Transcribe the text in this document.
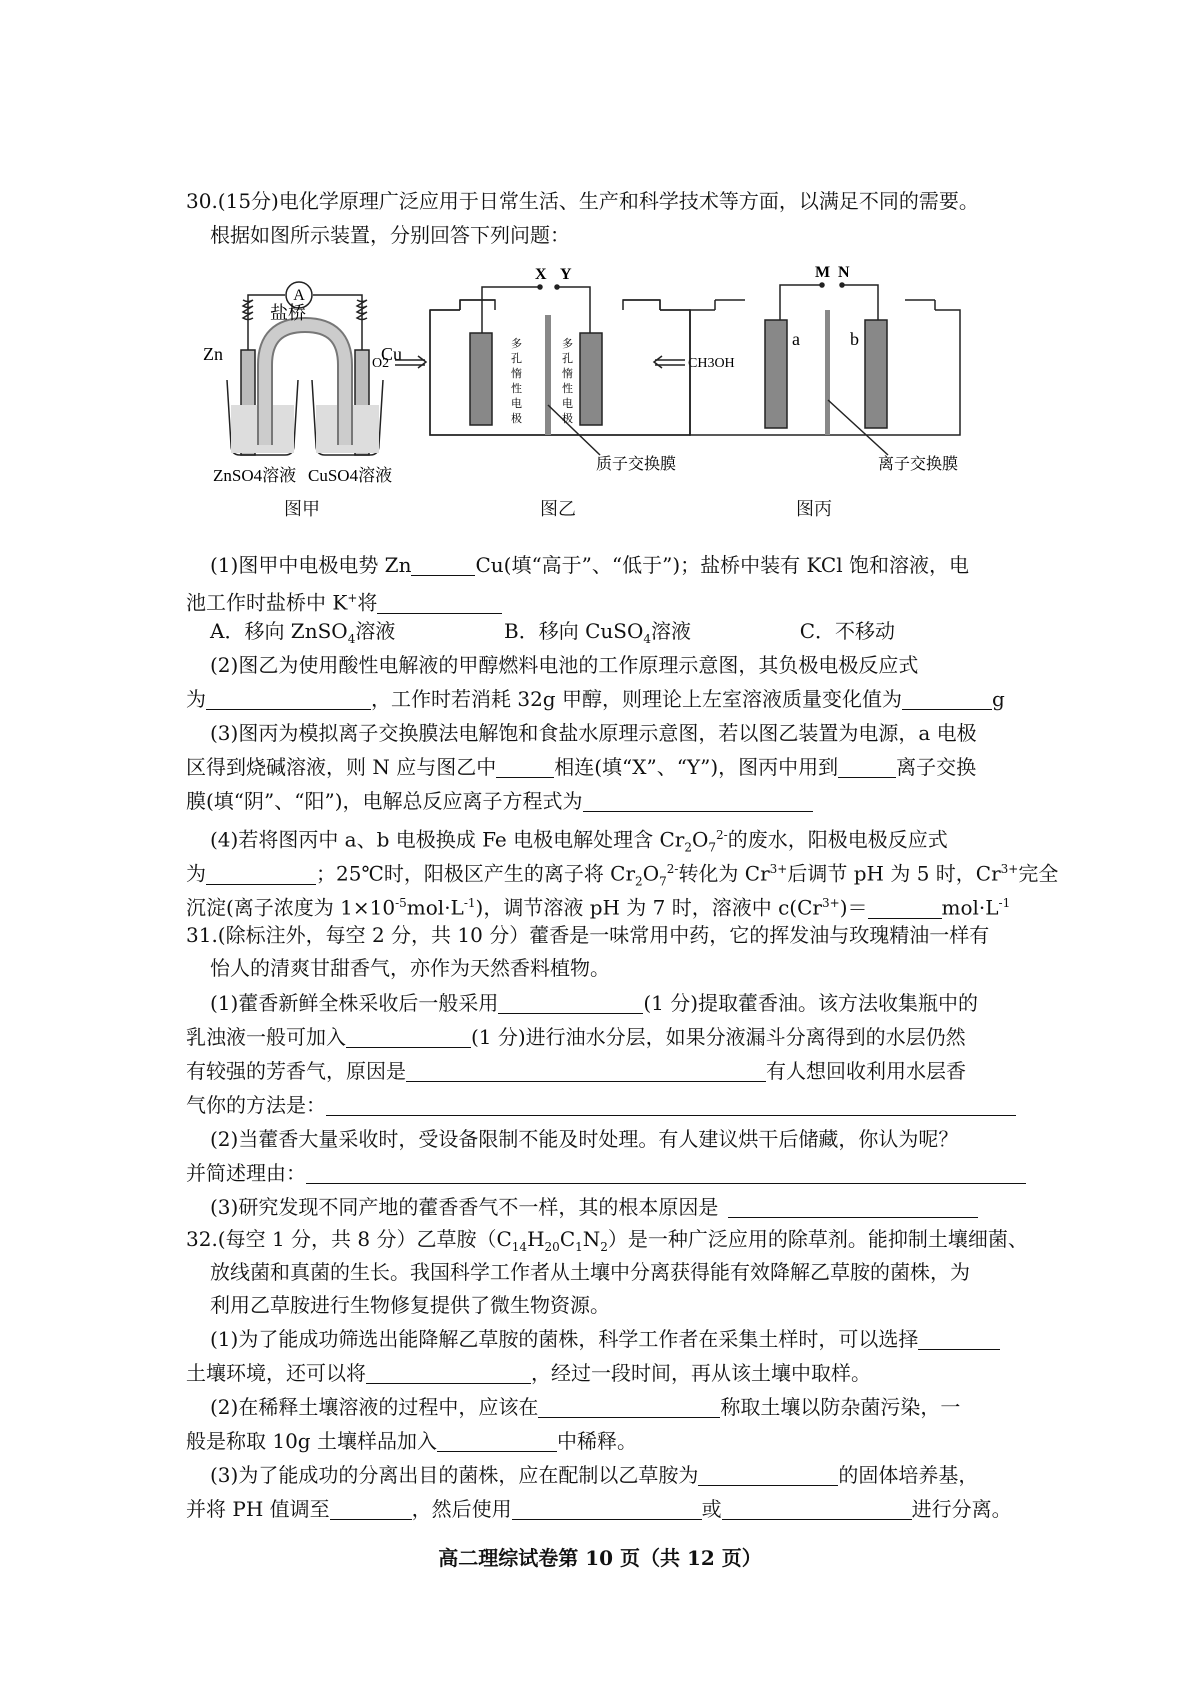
30.(15分)电化学原理广泛应用于日常生活、生产和科学技术等方面，以满足不同的需要。
根据如图所示装置，分别回答下列问题：
A
盐桥
Zn	Cu
ZnSO4溶液 CuSO4溶液
X Y
O2	CH3OH
多
孔
惰
性
电
极
多
孔
惰
性
电
极
质子交换膜
M N
a	b
离子交换膜
图甲	图乙	图丙
(1)图甲中电极电势 Zn	Cu(填“高于”、“低于”)；盐桥中装有 KCl 饱和溶液，电
池工作时盐桥中 K+将
A．移向 ZnSO$_4$溶液	B．移向 CuSO$_4$溶液	C．不移动
(2)图乙为使用酸性电解液的甲醇燃料电池的工作原理示意图，其负极电极反应式
为	，工作时若消耗 32g 甲醇，则理论上左室溶液质量变化值为	g
(3)图丙为模拟离子交换膜法电解饱和食盐水原理示意图，若以图乙装置为电源，a 电极
区得到烧碱溶液，则 N 应与图乙中	相连(填“X”、“Y”)，图丙中用到	离子交换
膜(填“阴”、“阳”)，电解总反应离子方程式为
(4)若将图丙中 a、b 电极换成 Fe 电极电解处理含 $Cr_2O_7^{2-}$的废水，阳极电极反应式
为	；25℃时，阳极区产生的离子将 $Cr_2O_7^{2-}$转化为 $Cr^{3+}$后调节 pH 为 5 时，$Cr^{3+}$完全
沉淀(离子浓度为 $1\times 10^{-5}mol\cdot L^{-1}$)，调节溶液 pH 为 7 时，溶液中 $c(Cr^{3+})=$	$mol\cdot L^{-1}$
31.(除标注外，每空 2 分，共 10 分）藿香是一味常用中药，它的挥发油与玫瑰精油一样有
怡人的清爽甘甜香气，亦作为天然香料植物。
(1)藿香新鲜全株采收后一般采用	(1 分)提取藿香油。该方法收集瓶中的
乳浊液一般可加入	(1 分)进行油水分层，如果分液漏斗分离得到的水层仍然
有较强的芳香气，原因是	有人想回收利用水层香
气你的方法是：
(2)当藿香大量采收时，受设备限制不能及时处理。有人建议烘干后储藏，你认为呢？
并简述理由：
(3)研究发现不同产地的藿香香气不一样，其的根本原因是
32.(每空 1 分，共 8 分）乙草胺$(C_{14}H_{20}C_1N_2)$是一种广泛应用的除草剂。能抑制土壤细菌、
放线菌和真菌的生长。我国科学工作者从土壤中分离获得能有效降解乙草胺的菌株，为
利用乙草胺进行生物修复提供了微生物资源。
(1)为了能成功筛选出能降解乙草胺的菌株，科学工作者在采集土样时，可以选择
土壤环境，还可以将	，经过一段时间，再从该土壤中取样。
(2)在稀释土壤溶液的过程中，应该在	称取土壤以防杂菌污染，一
般是称取 10g 土壤样品加入	中稀释。
(3)为了能成功的分离出目的菌株，应在配制以乙草胺为	的固体培养基，
并将 PH 值调至	，然后使用	或	进行分离。
高二理综试卷第 10 页（共 12 页）
